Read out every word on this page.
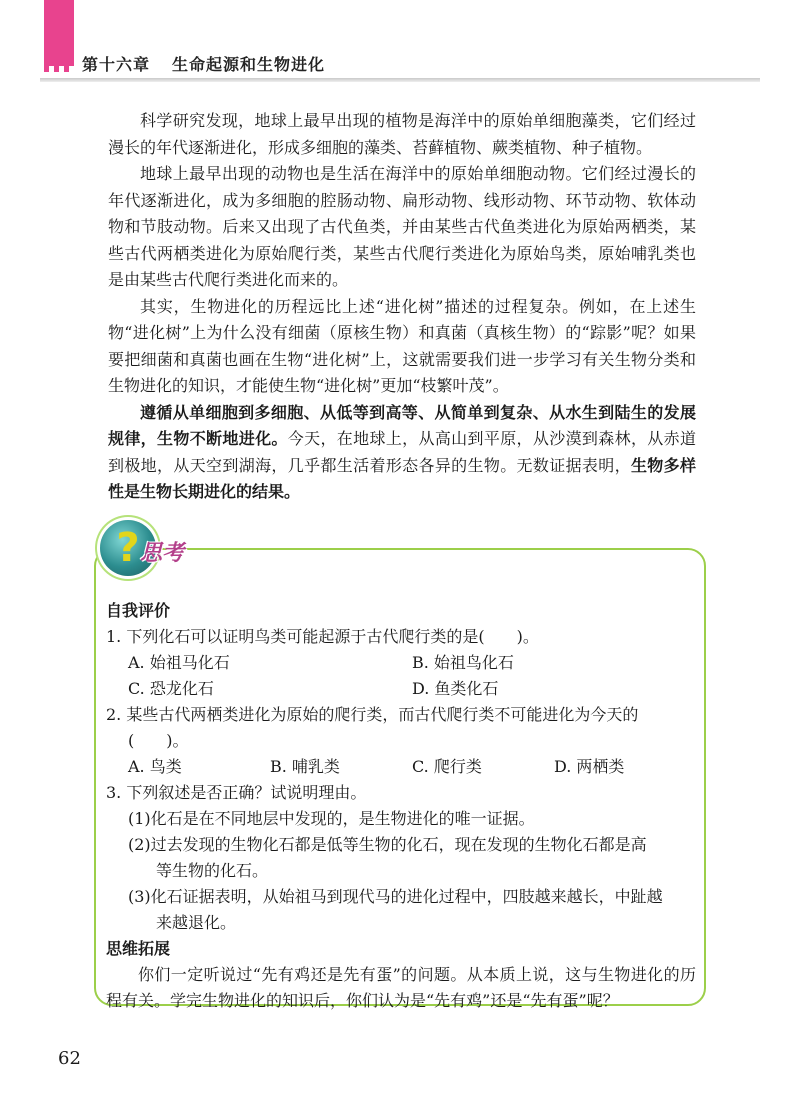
第十六章 生命起源和生物进化

科学研究发现，地球上最早出现的植物是海洋中的原始单细胞藻类，它们经过漫长的年代逐渐进化，形成多细胞的藻类、苔藓植物、蕨类植物、种子植物。

地球上最早出现的动物也是生活在海洋中的原始单细胞动物。它们经过漫长的年代逐渐进化，成为多细胞的腔肠动物、扁形动物、线形动物、环节动物、软体动物和节肢动物。后来又出现了古代鱼类，并由某些古代鱼类进化为原始两栖类，某些古代两栖类进化为原始爬行类，某些古代爬行类进化为原始鸟类，原始哺乳类也是由某些古代爬行类进化而来的。

其实，生物进化的历程远比上述“进化树”描述的过程复杂。例如，在上述生物“进化树”上为什么没有细菌（原核生物）和真菌（真核生物）的“踪影”呢？如果要把细菌和真菌也画在生物“进化树”上，这就需要我们进一步学习有关生物分类和生物进化的知识，才能使生物“进化树”更加“枝繁叶茂”。

遵循从单细胞到多细胞、从低等到高等、从简单到复杂、从水生到陆生的发展规律，生物不断地进化。今天，在地球上，从高山到平原，从沙漠到森林，从赤道到极地，从天空到湖海，几乎都生活着形态各异的生物。无数证据表明，生物多样性是生物长期进化的结果。

? 思考
自我评价
1. 下列化石可以证明鸟类可能起源于古代爬行类的是(　　)。
A. 始祖马化石	B. 始祖鸟化石
C. 恐龙化石	D. 鱼类化石
2. 某些古代两栖类进化为原始的爬行类，而古代爬行类不可能进化为今天的
(　　)。
A. 鸟类	B. 哺乳类	C. 爬行类	D. 两栖类
3. 下列叙述是否正确？试说明理由。
(1)化石是在不同地层中发现的，是生物进化的唯一证据。
(2)过去发现的生物化石都是低等生物的化石，现在发现的生物化石都是高
等生物的化石。
(3)化石证据表明，从始祖马到现代马的进化过程中，四肢越来越长，中趾越
来越退化。
思维拓展
你们一定听说过“先有鸡还是先有蛋”的问题。从本质上说，这与生物进化的历程有关。学完生物进化的知识后，你们认为是“先有鸡”还是“先有蛋”呢？
62
